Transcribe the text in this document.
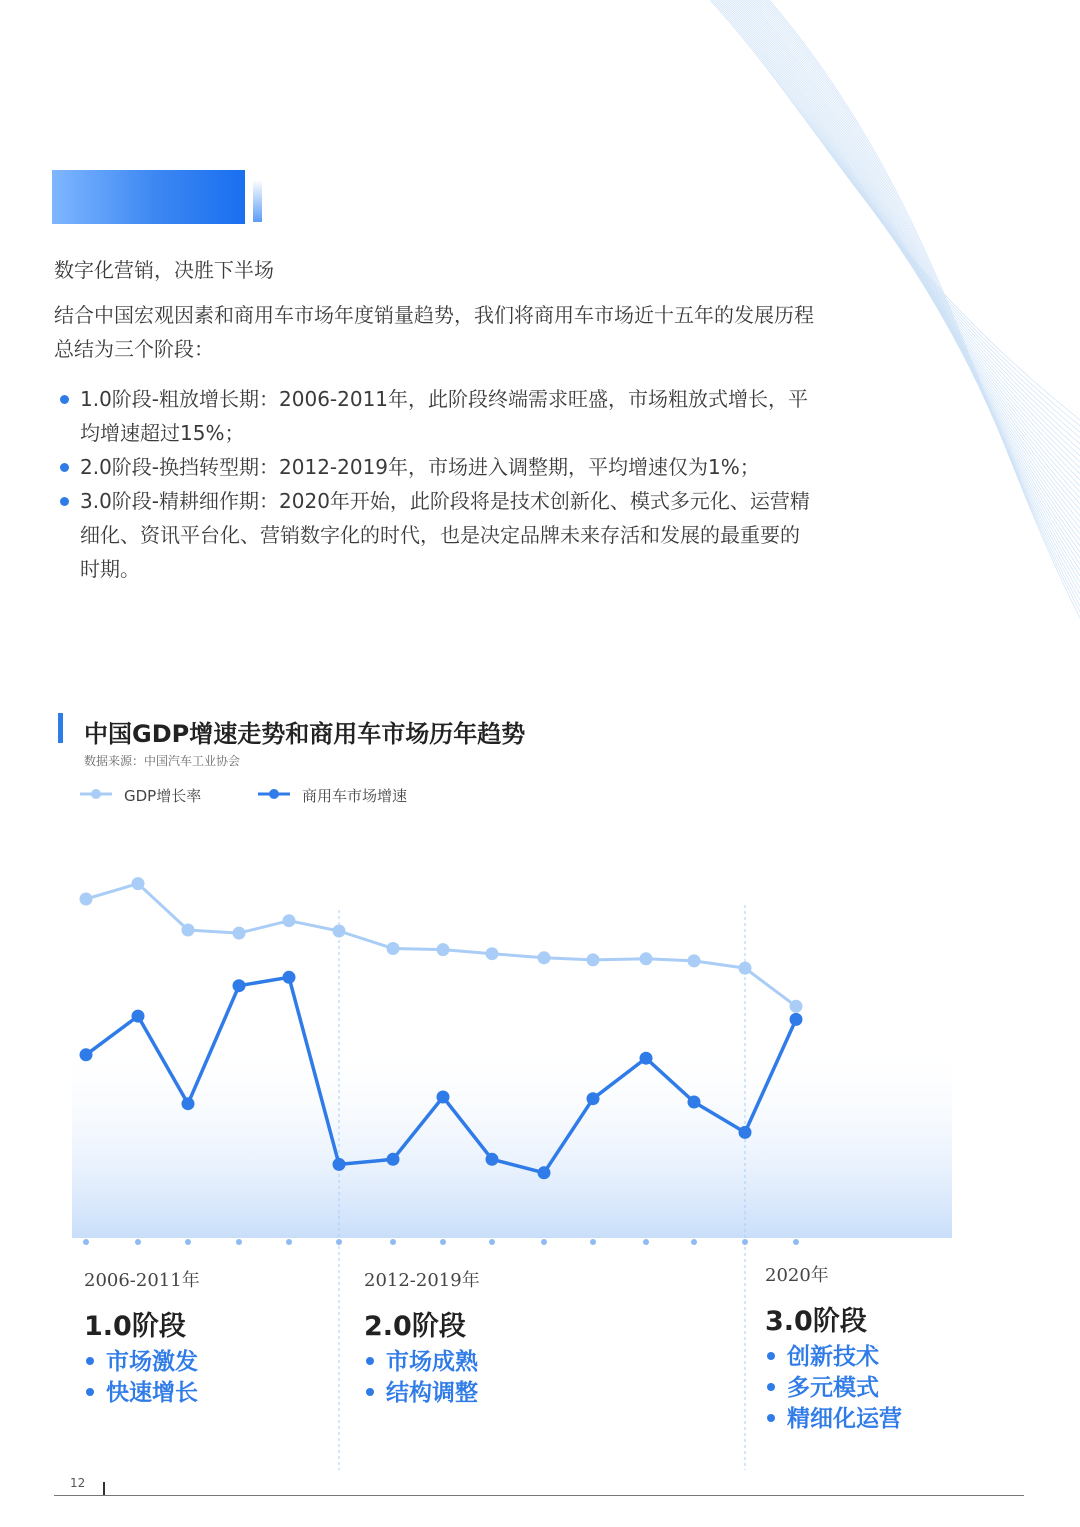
数字化营销，决胜下半场
结合中国宏观因素和商用车市场年度销量趋势，我们将商用车市场近十五年的发展历程总结为三个阶段：
1.0阶段-粗放增长期：2006-2011年，此阶段终端需求旺盛，市场粗放式增长，平均增速超过15%；
2.0阶段-换挡转型期：2012-2019年，市场进入调整期，平均增速仅为1%；
3.0阶段-精耕细作期：2020年开始，此阶段将是技术创新化、模式多元化、运营精细化、资讯平台化、营销数字化的时代，也是决定品牌未来存活和发展的最重要的时期。
中国GDP增速走势和商用车市场历年趋势
数据来源：中国汽车工业协会
GDP增长率	商用车市场增速
2006-2011年
1.0阶段
市场激发
快速增长
2012-2019年
2.0阶段
市场成熟
结构调整
2020年
3.0阶段
创新技术
多元模式
精细化运营
12
